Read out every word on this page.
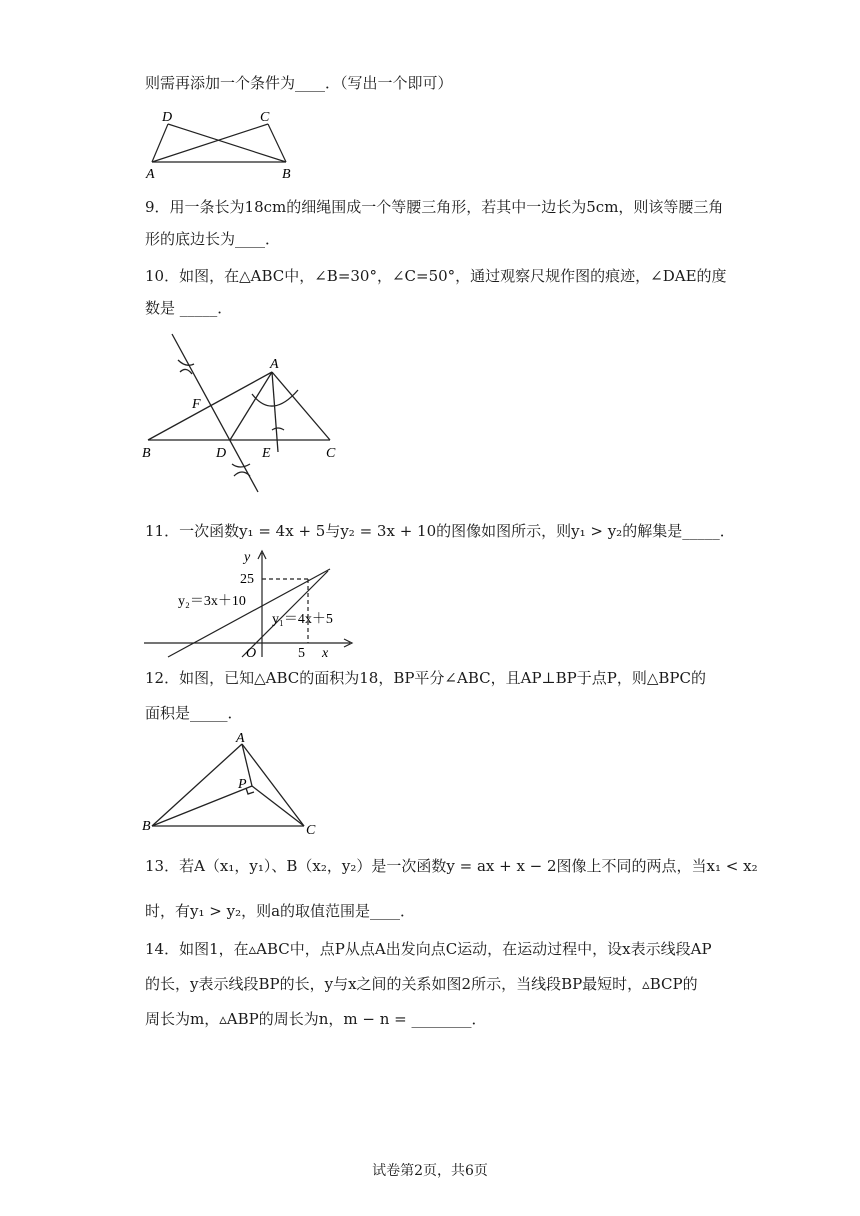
则需再添加一个条件为____．（写出一个即可）
D	C
A	B
9．用一条长为18cm的细绳围成一个等腰三角形，若其中一边长为5cm，则该等腰三角
形的底边长为____．
10．如图，在△ABC中，∠B=30°，∠C=50°，通过观察尺规作图的痕迹，∠DAE的度
数是 _____．
A
F
B	D	E	C
11．一次函数y₁ = 4x + 5与y₂ = 3x + 10的图像如图所示，则y₁ > y₂的解集是_____．
y
25
y₂＝3x＋10
y₁＝4x＋5
O	5 x
12．如图，已知△ABC的面积为18，BP平分∠ABC，且AP⊥BP于点P，则△BPC的
面积是_____．
A
P
B	C
13．若A（x₁，y₁）、B（x₂，y₂）是一次函数y = ax + x − 2图像上不同的两点，当x₁ < x₂
时，有y₁ > y₂，则a的取值范围是____．
14．如图1，在▵ABC中，点P从点A出发向点C运动，在运动过程中，设x表示线段AP
的长，y表示线段BP的长，y与x之间的关系如图2所示，当线段BP最短时，▵BCP的
周长为m，▵ABP的周长为n，m − n = ________．
试卷第2页，共6页
